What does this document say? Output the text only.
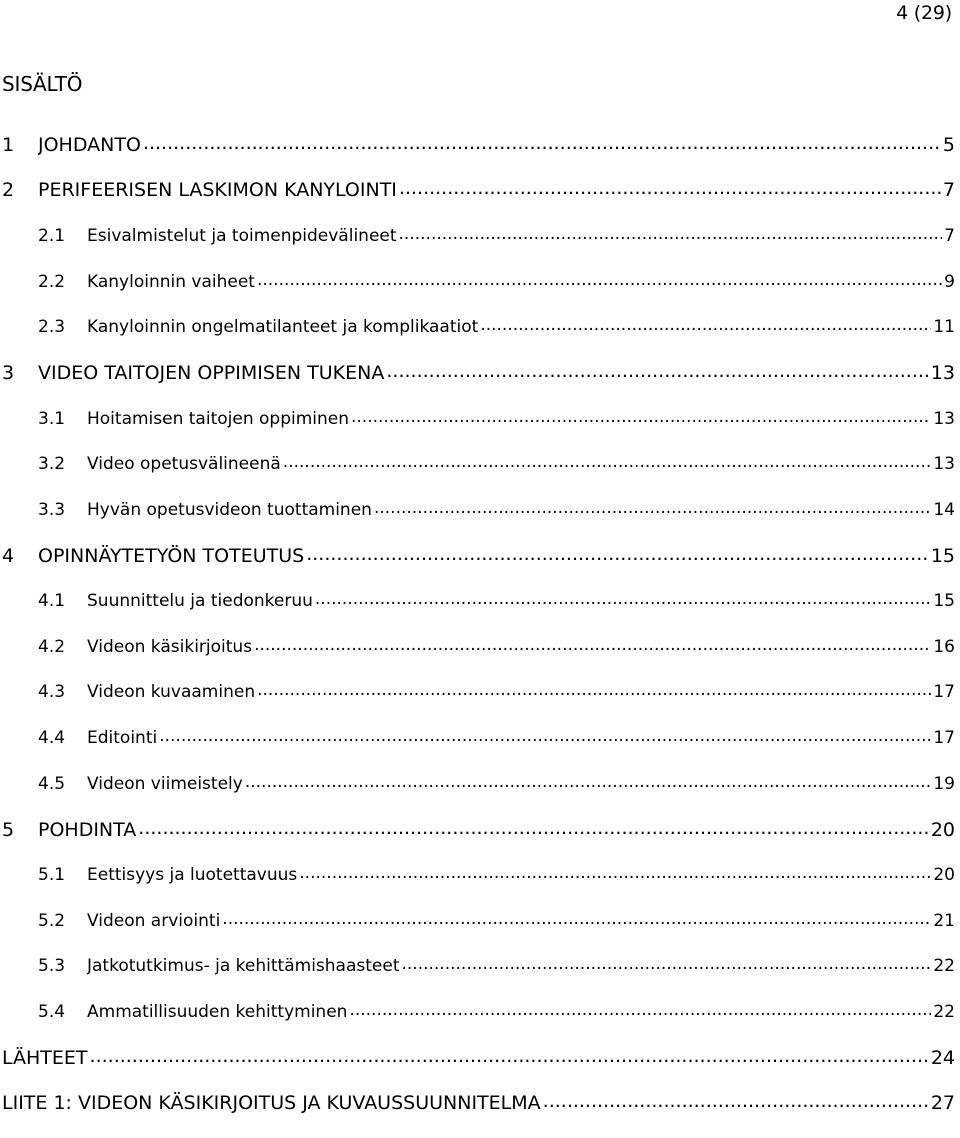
4 (29)
SISÄLTÖ
1	JOHDANTO .....	5
2	PERIFEERISEN LASKIMON KANYLOINTI .....	7
2.1	Esivalmistelut ja toimenpidevälineet .....	7
2.2	Kanyloinnin vaiheet .....	9
2.3	Kanyloinnin ongelmatilanteet ja komplikaatiot .....	11
3	VIDEO TAITOJEN OPPIMISEN TUKENA .....	13
3.1	Hoitamisen taitojen oppiminen .....	13
3.2	Video opetusvälineenä .....	13
3.3	Hyvän opetusvideon tuottaminen .....	14
4	OPINNÄYTETYÖN TOTEUTUS .....	15
4.1	Suunnittelu ja tiedonkeruu .....	15
4.2	Videon käsikirjoitus .....	16
4.3	Videon kuvaaminen .....	17
4.4	Editointi .....	17
4.5	Videon viimeistely .....	19
5	POHDINTA .....	20
5.1	Eettisyys ja luotettavuus .....	20
5.2	Videon arviointi .....	21
5.3	Jatkotutkimus- ja kehittämishaasteet .....	22
5.4	Ammatillisuuden kehittyminen .....	22
LÄHTEET .....	24
LIITE 1: VIDEON KÄSIKIRJOITUS JA KUVAUSSUUNNITELMA .....	27
